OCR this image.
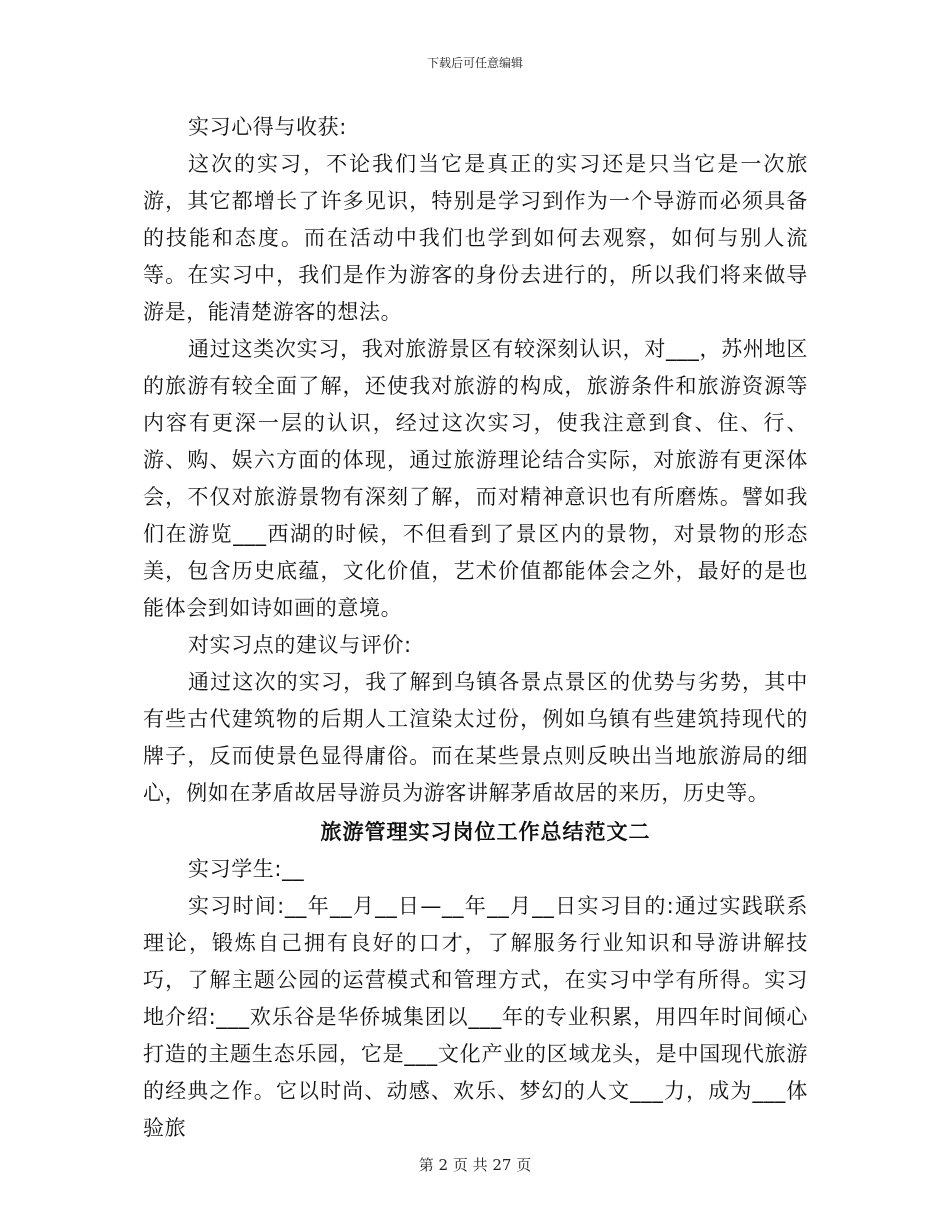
下载后可任意编辑

实习心得与收获:

这次的实习，不论我们当它是真正的实习还是只当它是一次旅游，其它都增长了许多见识，特别是学习到作为一个导游而必须具备的技能和态度。而在活动中我们也学到如何去观察，如何与别人流等。在实习中，我们是作为游客的身份去进行的，所以我们将来做导游是，能清楚游客的想法。

通过这类次实习，我对旅游景区有较深刻认识，对___，苏州地区的旅游有较全面了解，还使我对旅游的构成，旅游条件和旅游资源等内容有更深一层的认识，经过这次实习，使我注意到食、住、行、游、购、娱六方面的体现，通过旅游理论结合实际，对旅游有更深体会，不仅对旅游景物有深刻了解，而对精神意识也有所磨炼。譬如我们在游览___西湖的时候，不但看到了景区内的景物，对景物的形态美，包含历史底蕴，文化价值，艺术价值都能体会之外，最好的是也能体会到如诗如画的意境。

对实习点的建议与评价:

通过这次的实习，我了解到乌镇各景点景区的优势与劣势，其中有些古代建筑物的后期人工渲染太过份，例如乌镇有些建筑持现代的牌子，反而使景色显得庸俗。而在某些景点则反映出当地旅游局的细心，例如在茅盾故居导游员为游客讲解茅盾故居的来历，历史等。

旅游管理实习岗位工作总结范文二

实习学生:__

实习时间:__年__月__日—__年__月__日实习目的:通过实践联系理论，锻炼自己拥有良好的口才，了解服务行业知识和导游讲解技巧，了解主题公园的运营模式和管理方式，在实习中学有所得。实习地介绍:___欢乐谷是华侨城集团以___年的专业积累，用四年时间倾心打造的主题生态乐园，它是___文化产业的区域龙头，是中国现代旅游的经典之作。它以时尚、动感、欢乐、梦幻的人文___力，成为___体验旅

第 2 页 共 27 页
